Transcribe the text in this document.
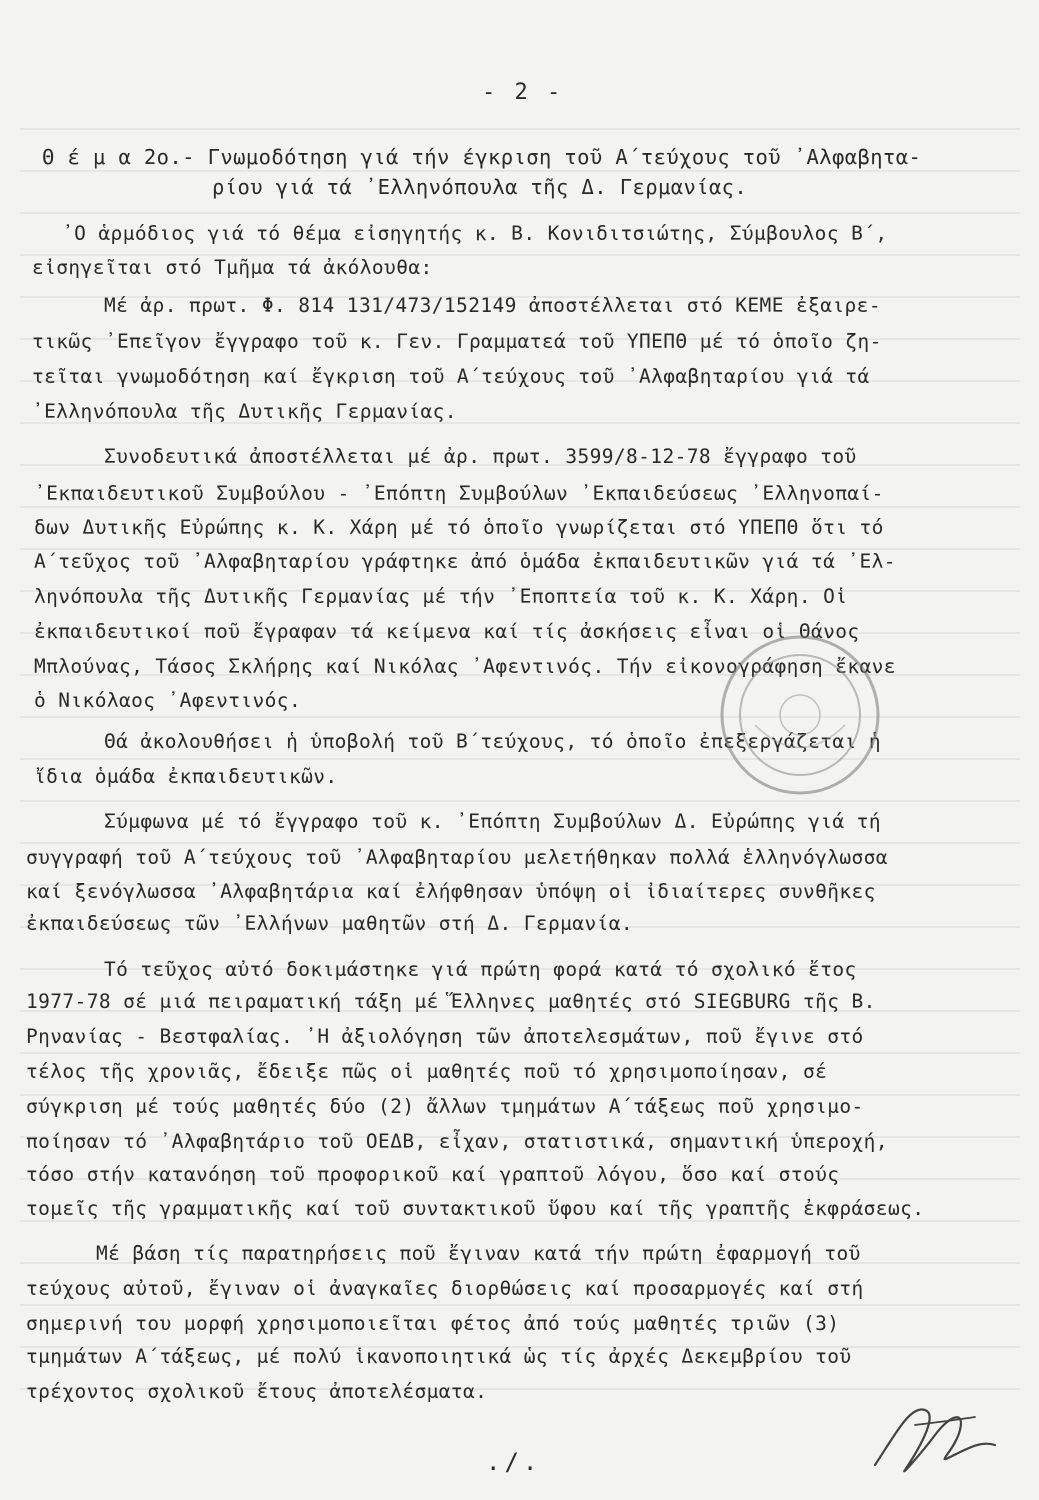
- 2 -
Θ έ μ α 2ο.- Γνωμοδότηση γιά τήν έγκριση τοῦ Α΄τεύχους τοῦ ᾿Αλφαβητα-
ρίου γιά τά ᾿Ελληνόπουλα τῆς Δ. Γερμανίας.
᾿Ο ἁρμόδιος γιά τό θέμα εἰσηγητής κ. Β. Κονιδιτσιώτης, Σύμβουλος Β΄,
εἰσηγεῖται στό Τμῆμα τά ἀκόλουθα:
Μέ ἀρ. πρωτ. Φ. 814 131/473/152149 ἀποστέλλεται στό ΚΕΜΕ ἐξαιρε-
τικῶς ᾿Επεῖγον ἔγγραφο τοῦ κ. Γεν. Γραμματεά τοῦ ΥΠΕΠΘ μέ τό ὁποῖο ζη-
τεῖται γνωμοδότηση καί ἔγκριση τοῦ Α΄τεύχους τοῦ ᾿Αλφαβηταρίου γιά τά
᾿Ελληνόπουλα τῆς Δυτικῆς Γερμανίας.
Συνοδευτικά ἀποστέλλεται μέ ἀρ. πρωτ. 3599/8-12-78 ἔγγραφο τοῦ
᾿Εκπαιδευτικοῦ Συμβούλου - ᾿Επόπτη Συμβούλων ᾿Εκπαιδεύσεως ᾿Ελληνοπαί-
δων Δυτικῆς Εὐρώπης κ. Κ. Χάρη μέ τό ὁποῖο γνωρίζεται στό ΥΠΕΠΘ ὅτι τό
Α΄τεῦχος τοῦ ᾿Αλφαβηταρίου γράφτηκε ἀπό ὁμάδα ἐκπαιδευτικῶν γιά τά ᾿Ελ-
ληνόπουλα τῆς Δυτικῆς Γερμανίας μέ τήν ᾿Εποπτεία τοῦ κ. Κ. Χάρη. Οἱ
ἐκπαιδευτικοί ποῦ ἔγραφαν τά κείμενα καί τίς ἀσκήσεις εἶναι οἱ Θάνος
Μπλούνας, Τάσος Σκλήρης καί Νικόλας ᾿Αφεντινός. Τήν εἰκονογράφηση ἔκανε
ὁ Νικόλαος ᾿Αφεντινός.
Θά ἀκολουθήσει ἡ ὑποβολή τοῦ Β΄τεύχους, τό ὁποῖο ἐπεξεργάζεται ἡ
ἴδια ὁμάδα ἐκπαιδευτικῶν.
Σύμφωνα μέ τό ἔγγραφο τοῦ κ. ᾿Επόπτη Συμβούλων Δ. Εὐρώπης γιά τή
συγγραφή τοῦ Α΄τεύχους τοῦ ᾿Αλφαβηταρίου μελετήθηκαν πολλά ἑλληνόγλωσσα
καί ξενόγλωσσα ᾿Αλφαβητάρια καί ἐλήφθησαν ὑπόψη οἱ ἰδιαίτερες συνθῆκες
ἐκπαιδεύσεως τῶν ᾿Ελλήνων μαθητῶν στή Δ. Γερμανία.
Τό τεῦχος αὐτό δοκιμάστηκε γιά πρώτη φορά κατά τό σχολικό ἔτος
1977-78 σέ μιά πειραματική τάξη μέ Ἕλληνες μαθητές στό SIEGBURG τῆς Β.
Ρηνανίας - Βεστφαλίας. ᾿Η ἀξιολόγηση τῶν ἀποτελεσμάτων, ποῦ ἔγινε στό
τέλος τῆς χρονιᾶς, ἔδειξε πῶς οἱ μαθητές ποῦ τό χρησιμοποίησαν, σέ
σύγκριση μέ τούς μαθητές δύο (2) ἄλλων τμημάτων Α΄τάξεως ποῦ χρησιμο-
ποίησαν τό ᾿Αλφαβητάριο τοῦ ΟΕΔΒ, εἶχαν, στατιστικά, σημαντική ὑπεροχή,
τόσο στήν κατανόηση τοῦ προφορικοῦ καί γραπτοῦ λόγου, ὅσο καί στούς
τομεῖς τῆς γραμματικῆς καί τοῦ συντακτικοῦ ὕφου καί τῆς γραπτῆς ἐκφράσεως.
Μέ βάση τίς παρατηρήσεις ποῦ ἔγιναν κατά τήν πρώτη ἐφαρμογή τοῦ
τεύχους αὐτοῦ, ἔγιναν οἱ ἀναγκαῖες διορθώσεις καί προσαρμογές καί στή
σημερινή του μορφή χρησιμοποιεῖται φέτος ἀπό τούς μαθητές τριῶν (3)
τμημάτων Α΄τάξεως, μέ πολύ ἱκανοποιητικά ὡς τίς ἀρχές Δεκεμβρίου τοῦ
τρέχοντος σχολικοῦ ἔτους ἀποτελέσματα.
./.
